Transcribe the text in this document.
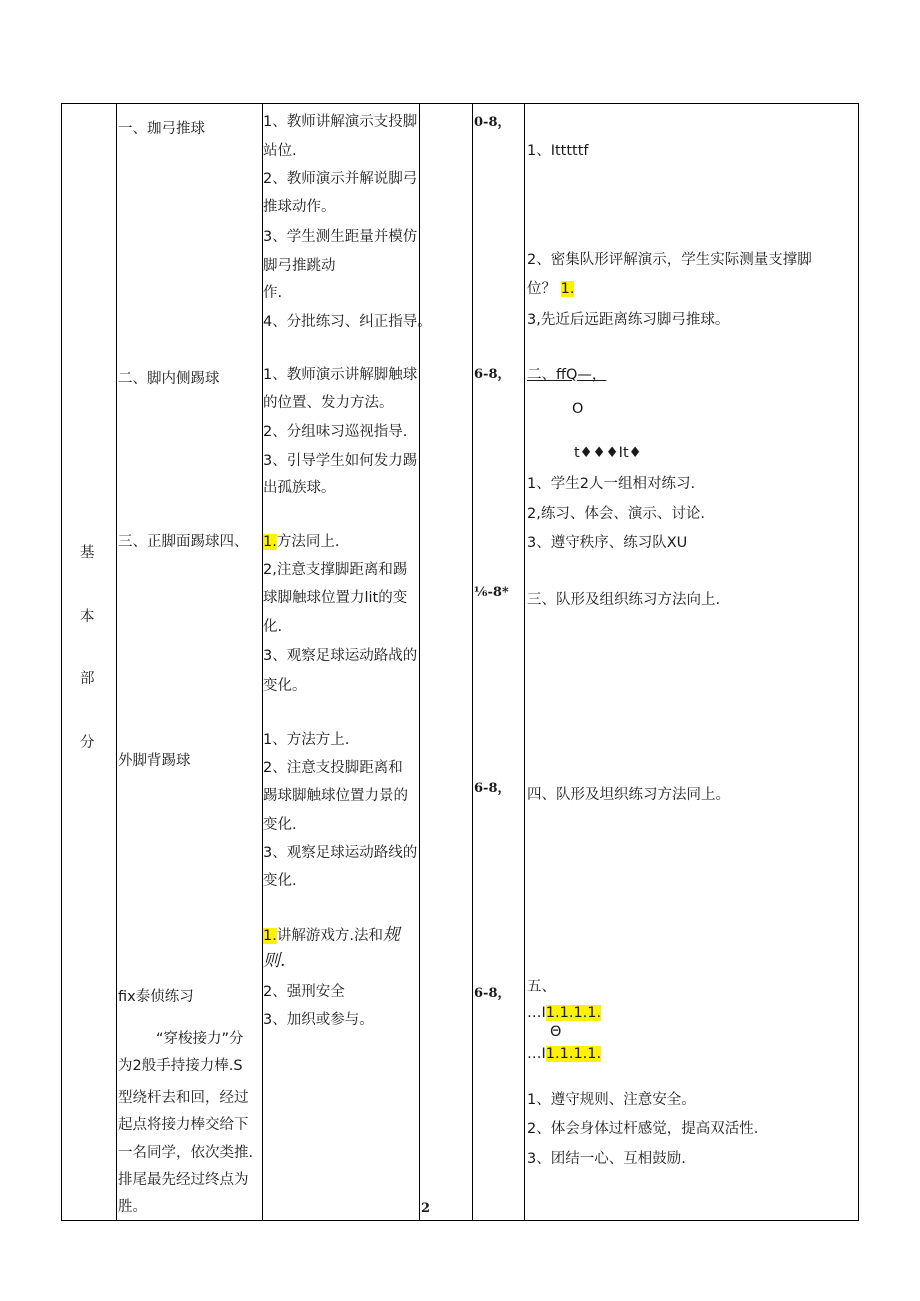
基
本
部
分
一、珈弓推球
二、脚内侧踢球
三、正脚面踢球四、
外脚背踢球
fix泰侦练习
“穿梭接力”分
为2般手持接力棒.S
型绕杆去和回，经过
起点将接力棒交给下
一名同学，依次类推.
排尾最先经过终点为
胜。
1、教师讲解演示支投脚
站位.
2、教师演示并解说脚弓
推球动作。
3、学生测生距量并模仿
脚弓推跳动
作.
4、分批练习、纠正指导。
1、教师演示讲解脚触球
的位置、发力方法。
2、分组味习巡视指导.
3、引导学生如何发力踢
出孤族球。
1.方法同上.
2,注意支撑脚距离和踢
球脚触球位置力lit的变
化.
3、观察足球运动路战的
变化。
1、方法方上.
2、注意支投脚距离和
踢球脚触球位置力景的
变化.
3、观察足球运动路线的
变化.
1.讲解游戏方.法和规
则.
2、强刑安全
3、加织或参与。
2
0-8，
6-8，
⅙-8*
6-8，
6-8，
1、Itttttf
2、密集队形评解演示，学生实际测量支撑脚
位？ 1.
3,先近后远距离练习脚弓推球。
二、ffQ—，
O
t♦♦♦It♦
1、学生2人一组相对练习.
2,练习、体会、演示、讨论.
3、遵守秩序、练习队XU
三、队形及组织练习方法向上.
四、队形及坦织练习方法同上。
五、
…I1.1.1.1.
Θ
…I1.1.1.1.
1、遵守规则、注意安全。
2、体会身体过杆感觉，提高双活性.
3、团结一心、互相鼓励.
